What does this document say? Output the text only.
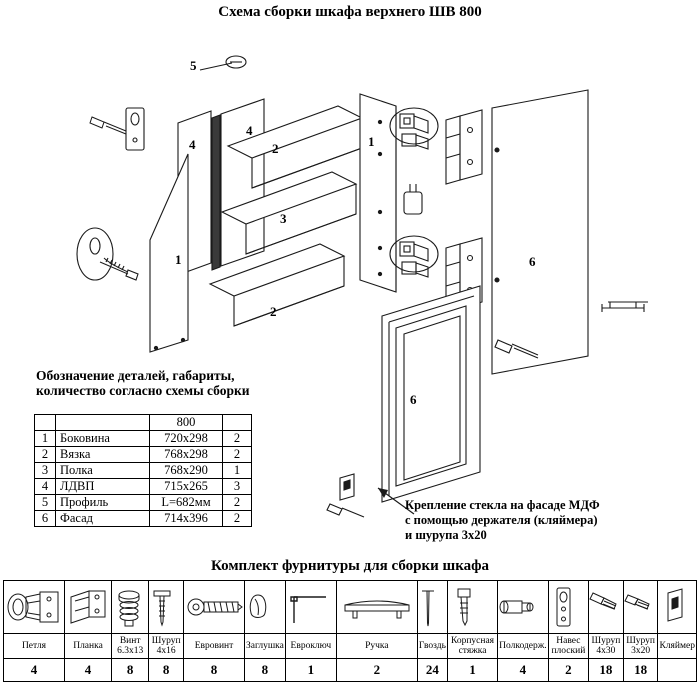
Схема сборки шкафа верхнего ШВ 800
5
4
4
2
3
2
1
1
6
6
Обозначение деталей, габариты,
количество согласно схемы сборки
		800	
1	Боковина	720x298	2
2	Вязка	768x298	2
3	Полка	768x290	1
4	ЛДВП	715x265	3
5	Профиль	L=682мм	2
6	Фасад	714x396	2
Крепление стекла на фасаде МДФ
с помощью держателя (кляймера)
и шурупа 3x20
Комплект фурнитуры для сборки шкафа

Петля	Планка	Винт 6.3х13	Шуруп 4х16	Евровинт	Заглушка	Евроключ	Ручка	Гвоздь	Корпусная стяжка	Полкодерж.	Навес плоский	Шуруп 4х30	Шуруп 3х20	Кляймер
4	4	8	8	8	8	1	2	24	1	4	2	18	18	
